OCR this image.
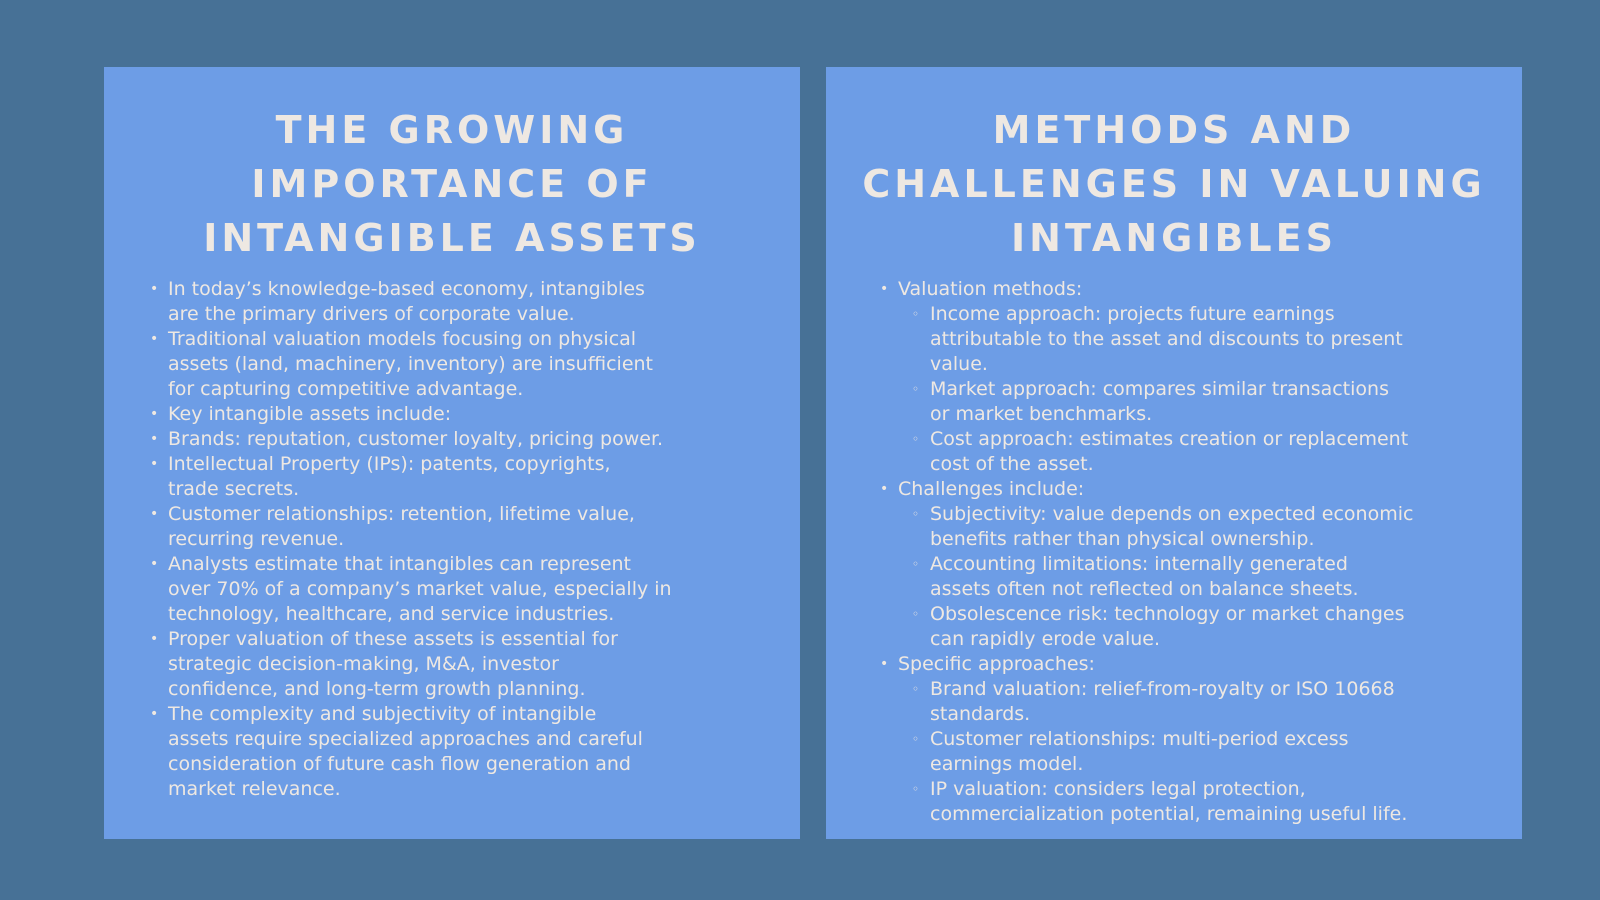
THE GROWING
IMPORTANCE OF
INTANGIBLE ASSETS
• In today’s knowledge-based economy, intangibles
are the primary drivers of corporate value.
• Traditional valuation models focusing on physical
assets (land, machinery, inventory) are insufficient
for capturing competitive advantage.
• Key intangible assets include:
• Brands: reputation, customer loyalty, pricing power.
• Intellectual Property (IPs): patents, copyrights,
trade secrets.
• Customer relationships: retention, lifetime value,
recurring revenue.
• Analysts estimate that intangibles can represent
over 70% of a company’s market value, especially in
technology, healthcare, and service industries.
• Proper valuation of these assets is essential for
strategic decision-making, M&A, investor
confidence, and long-term growth planning.
• The complexity and subjectivity of intangible
assets require specialized approaches and careful
consideration of future cash flow generation and
market relevance.
METHODS AND
CHALLENGES IN VALUING
INTANGIBLES
• Valuation methods:
◦ Income approach: projects future earnings
attributable to the asset and discounts to present
value.
◦ Market approach: compares similar transactions
or market benchmarks.
◦ Cost approach: estimates creation or replacement
cost of the asset.
• Challenges include:
◦ Subjectivity: value depends on expected economic
benefits rather than physical ownership.
◦ Accounting limitations: internally generated
assets often not reflected on balance sheets.
◦ Obsolescence risk: technology or market changes
can rapidly erode value.
• Specific approaches:
◦ Brand valuation: relief-from-royalty or ISO 10668
standards.
◦ Customer relationships: multi-period excess
earnings model.
◦ IP valuation: considers legal protection,
commercialization potential, remaining useful life.
